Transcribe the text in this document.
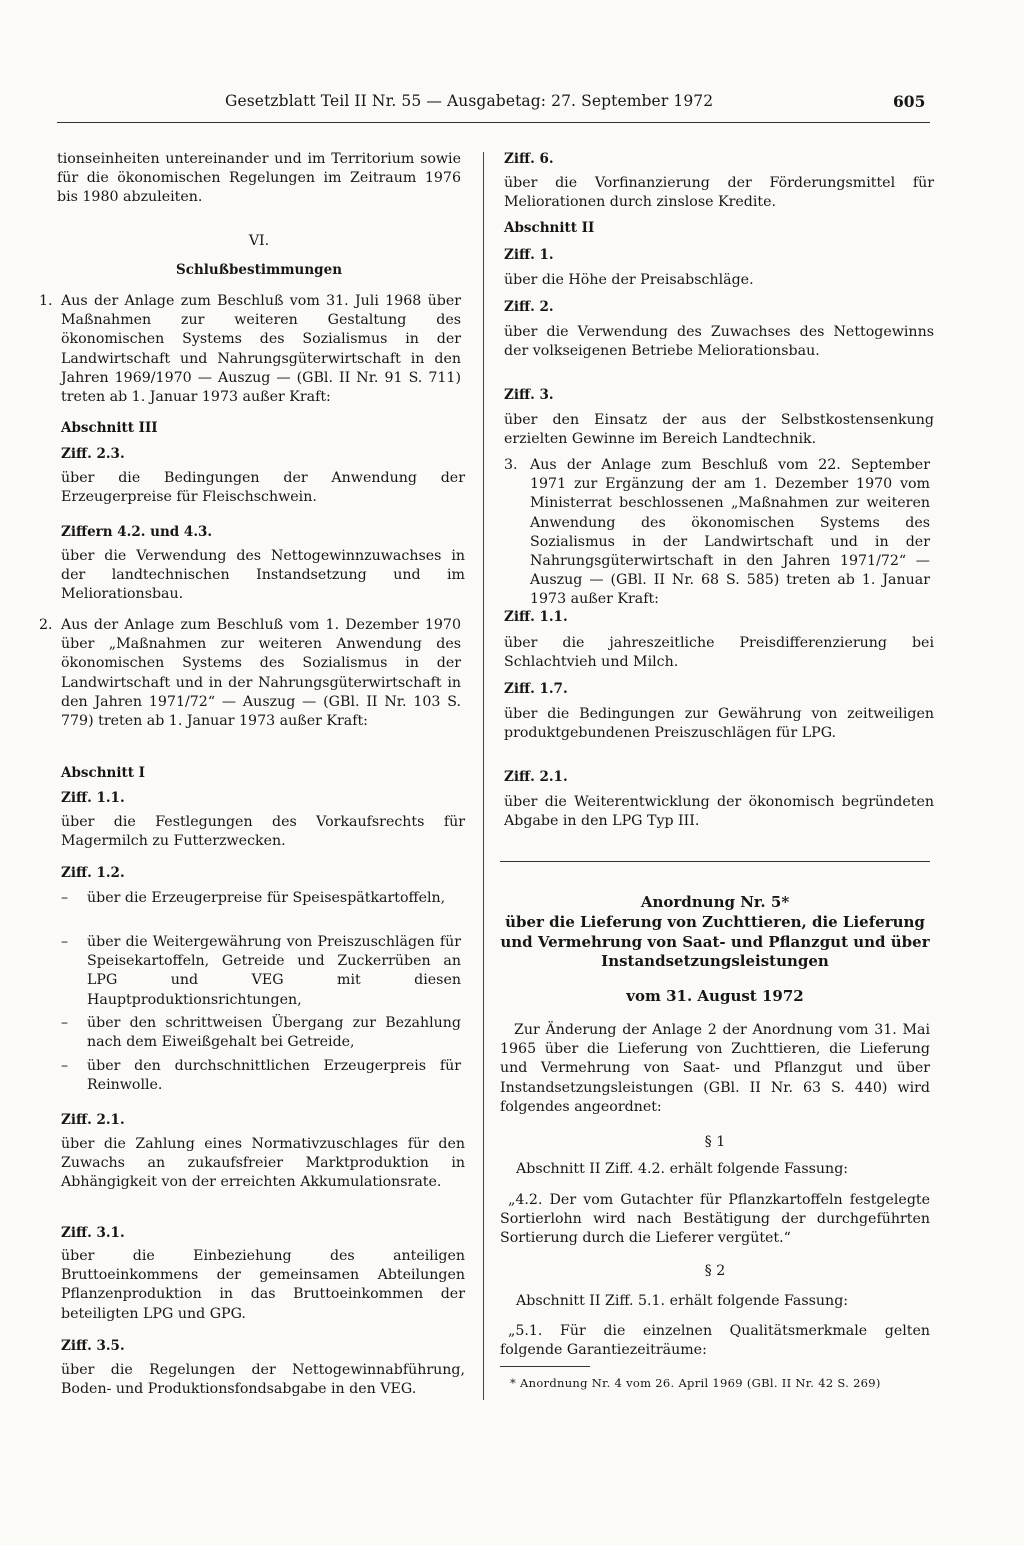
Gesetzblatt Teil II Nr. 55 — Ausgabetag: 27. September 1972	605

tionseinheiten untereinander und im Territorium sowie für die ökonomischen Regelungen im Zeitraum 1976 bis 1980 abzuleiten.

VI.

Schlußbestimmungen

1. Aus der Anlage zum Beschluß vom 31. Juli 1968 über Maßnahmen zur weiteren Gestaltung des ökonomischen Systems des Sozialismus in der Landwirtschaft und Nahrungsgüterwirtschaft in den Jahren 1969/1970 — Auszug — (GBl. II Nr. 91 S. 711) treten ab 1. Januar 1973 außer Kraft:

Abschnitt III

Ziff. 2.3.

über die Bedingungen der Anwendung der Erzeugerpreise für Fleischschwein.

Ziffern 4.2. und 4.3.

über die Verwendung des Nettogewinnzuwachses in der landtechnischen Instandsetzung und im Meliorationsbau.

2. Aus der Anlage zum Beschluß vom 1. Dezember 1970 über „Maßnahmen zur weiteren Anwendung des ökonomischen Systems des Sozialismus in der Landwirtschaft und in der Nahrungsgüterwirtschaft in den Jahren 1971/72“ — Auszug — (GBl. II Nr. 103 S. 779) treten ab 1. Januar 1973 außer Kraft:

Abschnitt I

Ziff. 1.1.

über die Festlegungen des Vorkaufsrechts für Magermilch zu Futterzwecken.

Ziff. 1.2.

– über die Erzeugerpreise für Speisespätkartoffeln,

– über die Weitergewährung von Preiszuschlägen für Speisekartoffeln, Getreide und Zuckerrüben an LPG und VEG mit diesen Hauptproduktionsrichtungen,

– über den schrittweisen Übergang zur Bezahlung nach dem Eiweißgehalt bei Getreide,

– über den durchschnittlichen Erzeugerpreis für Reinwolle.

Ziff. 2.1.

über die Zahlung eines Normativzuschlages für den Zuwachs an zukaufsfreier Marktproduktion in Abhängigkeit von der erreichten Akkumulationsrate.

Ziff. 3.1.

über die Einbeziehung des anteiligen Bruttoeinkommens der gemeinsamen Abteilungen Pflanzenproduktion in das Bruttoeinkommen der beteiligten LPG und GPG.

Ziff. 3.5.

über die Regelungen der Nettogewinnabführung, Boden- und Produktionsfondsabgabe in den VEG.

Ziff. 6.

über die Vorfinanzierung der Förderungsmittel für Meliorationen durch zinslose Kredite.

Abschnitt II

Ziff. 1.

über die Höhe der Preisabschläge.

Ziff. 2.

über die Verwendung des Zuwachses des Nettogewinns der volkseigenen Betriebe Meliorationsbau.

Ziff. 3.

über den Einsatz der aus der Selbstkostensenkung erzielten Gewinne im Bereich Landtechnik.

3. Aus der Anlage zum Beschluß vom 22. September 1971 zur Ergänzung der am 1. Dezember 1970 vom Ministerrat beschlossenen „Maßnahmen zur weiteren Anwendung des ökonomischen Systems des Sozialismus in der Landwirtschaft und in der Nahrungsgüterwirtschaft in den Jahren 1971/72“ — Auszug — (GBl. II Nr. 68 S. 585) treten ab 1. Januar 1973 außer Kraft:

Ziff. 1.1.

über die jahreszeitliche Preisdifferenzierung bei Schlachtvieh und Milch.

Ziff. 1.7.

über die Bedingungen zur Gewährung von zeitweiligen produktgebundenen Preiszuschlägen für LPG.

Ziff. 2.1.

über die Weiterentwicklung der ökonomisch begründeten Abgabe in den LPG Typ III.

Anordnung Nr. 5*

über die Lieferung von Zuchttieren, die Lieferung und Vermehrung von Saat- und Pflanzgut und über Instandsetzungsleistungen

vom 31. August 1972

Zur Änderung der Anlage 2 der Anordnung vom 31. Mai 1965 über die Lieferung von Zuchttieren, die Lieferung und Vermehrung von Saat- und Pflanzgut und über Instandsetzungsleistungen (GBl. II Nr. 63 S. 440) wird folgendes angeordnet:

§ 1

Abschnitt II Ziff. 4.2. erhält folgende Fassung:

„4.2. Der vom Gutachter für Pflanzkartoffeln festgelegte Sortierlohn wird nach Bestätigung der durchgeführten Sortierung durch die Lieferer vergütet.“

§ 2

Abschnitt II Ziff. 5.1. erhält folgende Fassung:

„5.1. Für die einzelnen Qualitätsmerkmale gelten folgende Garantiezeiträume:

* Anordnung Nr. 4 vom 26. April 1969 (GBl. II Nr. 42 S. 269)
